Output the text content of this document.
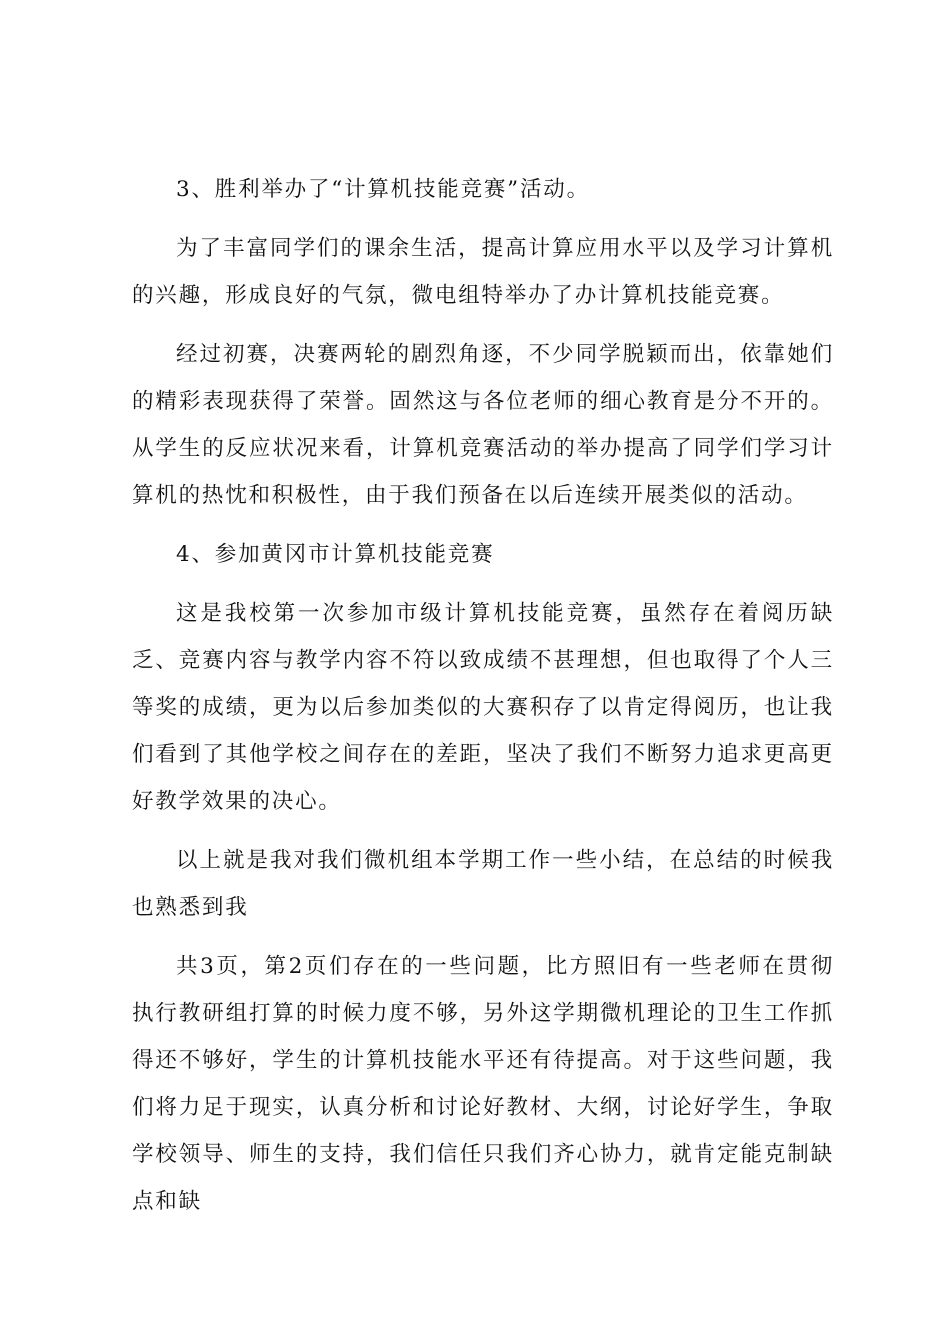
3、胜利举办了“计算机技能竞赛”活动。

为了丰富同学们的课余生活，提高计算应用水平以及学习计算机的兴趣，形成良好的气氛，微电组特举办了办计算机技能竞赛。

经过初赛，决赛两轮的剧烈角逐，不少同学脱颖而出，依靠她们的精彩表现获得了荣誉。固然这与各位老师的细心教育是分不开的。从学生的反应状况来看，计算机竞赛活动的举办提高了同学们学习计算机的热忱和积极性，由于我们预备在以后连续开展类似的活动。

4、参加黄冈市计算机技能竞赛

这是我校第一次参加市级计算机技能竞赛，虽然存在着阅历缺乏、竞赛内容与教学内容不符以致成绩不甚理想，但也取得了个人三等奖的成绩，更为以后参加类似的大赛积存了以肯定得阅历，也让我们看到了其他学校之间存在的差距，坚决了我们不断努力追求更高更好教学效果的决心。

以上就是我对我们微机组本学期工作一些小结，在总结的时候我也熟悉到我

共3页，第2页们存在的一些问题，比方照旧有一些老师在贯彻执行教研组打算的时候力度不够，另外这学期微机理论的卫生工作抓得还不够好，学生的计算机技能水平还有待提高。对于这些问题，我们将力足于现实，认真分析和讨论好教材、大纲，讨论好学生，争取学校领导、师生的支持，我们信任只我们齐心协力，就肯定能克制缺点和缺
